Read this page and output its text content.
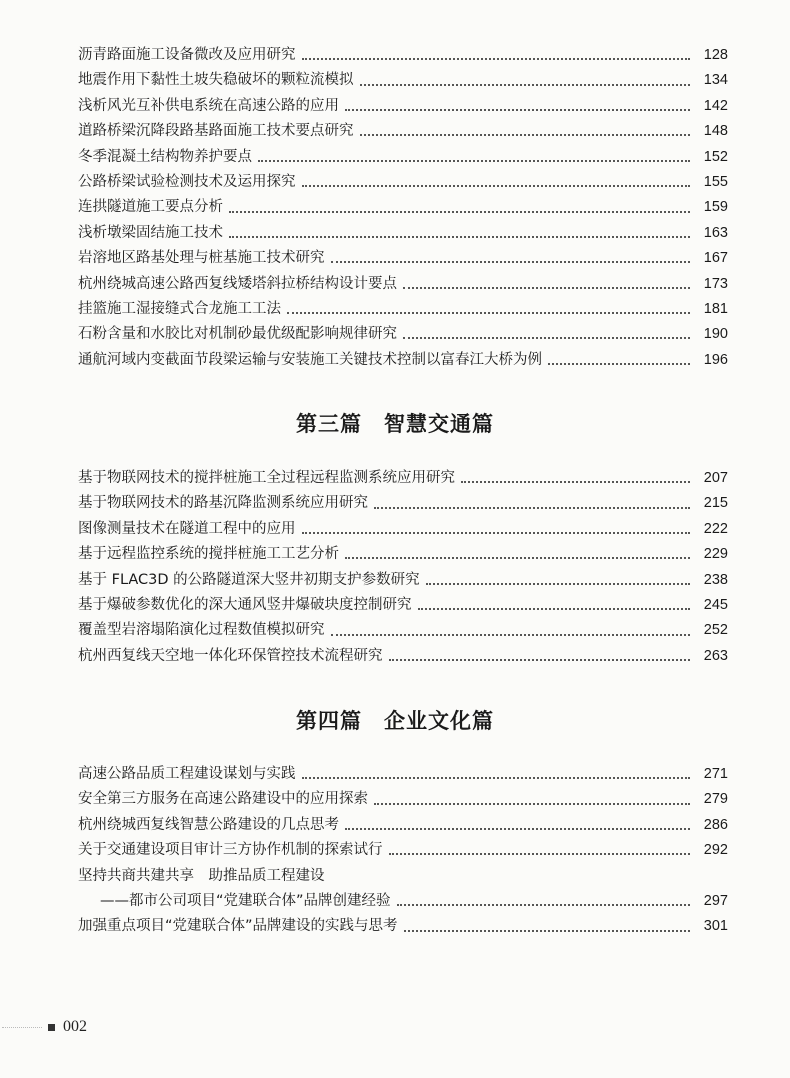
沥青路面施工设备微改及应用研究	128
地震作用下黏性土坡失稳破坏的颗粒流模拟	134
浅析风光互补供电系统在高速公路的应用	142
道路桥梁沉降段路基路面施工技术要点研究	148
冬季混凝土结构物养护要点	152
公路桥梁试验检测技术及运用探究	155
连拱隧道施工要点分析	159
浅析墩梁固结施工技术	163
岩溶地区路基处理与桩基施工技术研究	167
杭州绕城高速公路西复线矮塔斜拉桥结构设计要点	173
挂篮施工湿接缝式合龙施工工法	181
石粉含量和水胶比对机制砂最优级配影响规律研究	190
通航河域内变截面节段梁运输与安装施工关键技术控制以富春江大桥为例	196
第三篇　智慧交通篇
基于物联网技术的搅拌桩施工全过程远程监测系统应用研究	207
基于物联网技术的路基沉降监测系统应用研究	215
图像测量技术在隧道工程中的应用	222
基于远程监控系统的搅拌桩施工工艺分析	229
基于 FLAC3D 的公路隧道深大竖井初期支护参数研究	238
基于爆破参数优化的深大通风竖井爆破块度控制研究	245
覆盖型岩溶塌陷演化过程数值模拟研究	252
杭州西复线天空地一体化环保管控技术流程研究	263
第四篇　企业文化篇
高速公路品质工程建设谋划与实践	271
安全第三方服务在高速公路建设中的应用探索	279
杭州绕城西复线智慧公路建设的几点思考	286
关于交通建设项目审计三方协作机制的探索试行	292
坚持共商共建共享　助推品质工程建设
——都市公司项目“党建联合体”品牌创建经验	297
加强重点项目“党建联合体”品牌建设的实践与思考	301
002
